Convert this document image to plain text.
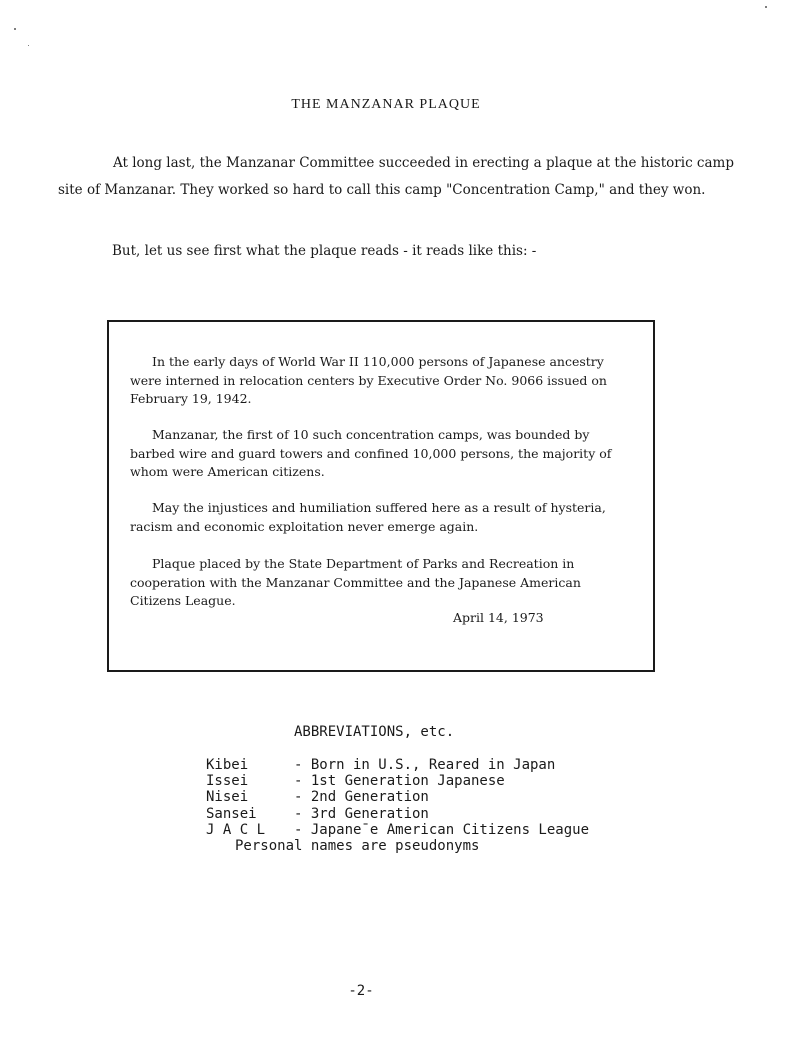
THE MANZANAR PLAQUE
At long last, the Manzanar Committee succeeded in erecting a plaque at the historic camp site of Manzanar. They worked so hard to call this camp "Concentration Camp," and they won.
But, let us see first what the plaque reads - it reads like this: -

In the early days of World War II 110,000 persons of Japanese ancestry were interned in relocation centers by Executive Order No. 9066 issued on February 19, 1942.

Manzanar, the first of 10 such concentration camps, was bounded by barbed wire and guard towers and confined 10,000 persons, the majority of whom were American citizens.

May the injustices and humiliation suffered here as a result of hysteria, racism and economic exploitation never emerge again.

Plaque placed by the State Department of Parks and Recreation in cooperation with the Manzanar Committee and the Japanese American Citizens League.

April 14, 1973
ABBREVIATIONS, etc.
Kibei	- Born in U.S., Reared in Japan
Issei	- 1st Generation Japanese
Nisei	- 2nd Generation
Sansei	- 3rd Generation
J A C L	- Japane¯e American Citizens League
Personal names are pseudonyms
-2-
